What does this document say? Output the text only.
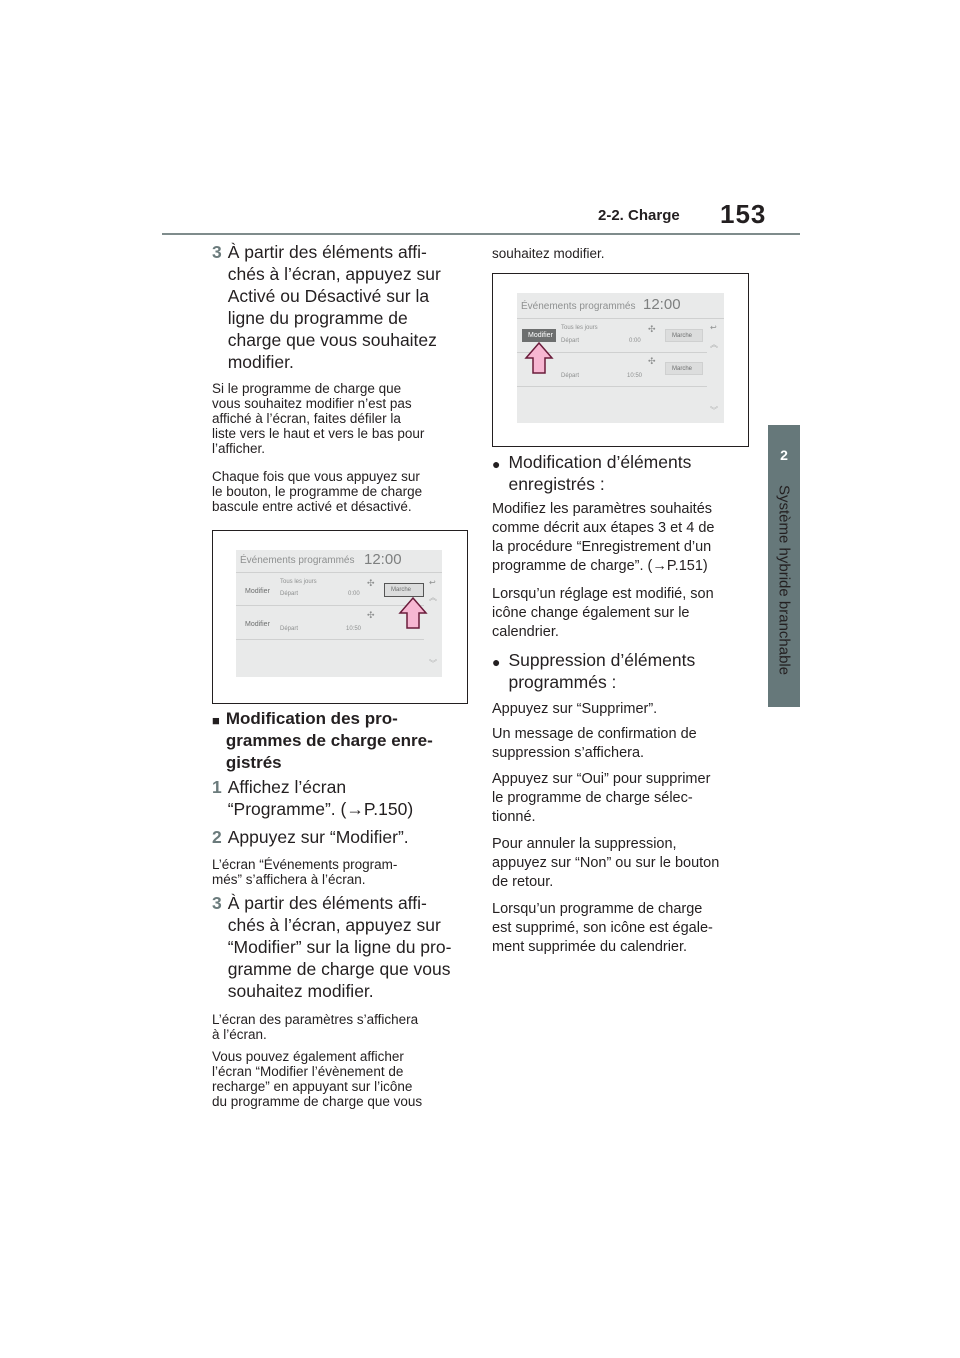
2-2. Charge 153
2
Système hybride branchable
3 À partir des éléments affi-
chés à l’écran, appuyez sur
Activé ou Désactivé sur la
ligne du programme de
charge que vous souhaitez
modifier.
Si le programme de charge que
vous souhaitez modifier n’est pas
affiché à l’écran, faites défiler la
liste vers le haut et vers le bas pour
l’afficher.
Chaque fois que vous appuyez sur
le bouton, le programme de charge
bascule entre activé et désactivé.
Événements programmés 12:00
Modifier
Tous les jours
Départ	0:00
✣
Marche
Modifier
Départ	10:50
✣
↩
︽
︾
■ Modification des pro-
grammes de charge enre-
gistrés
1 Affichez l’écran
“Programme”. (→P.150)
2 Appuyez sur “Modifier”.
L’écran “Événements program-
més” s’affichera à l’écran.
3 À partir des éléments affi-
chés à l’écran, appuyez sur
“Modifier” sur la ligne du pro-
gramme de charge que vous
souhaitez modifier.
L’écran des paramètres s’affichera
à l’écran.
Vous pouvez également afficher
l’écran “Modifier l’évènement de
recharge” en appuyant sur l’icône
du programme de charge que vous
souhaitez modifier.
Événements programmés 12:00
Modifier
Tous les jours
Départ	0:00
✣
Marche
Départ	10:50
✣
Marche
↩
︽
︾
● Modification d’éléments
enregistrés :
Modifiez les paramètres souhaités
comme décrit aux étapes 3 et 4 de
la procédure “Enregistrement d’un
programme de charge”. (→P.151)
Lorsqu’un réglage est modifié, son
icône change également sur le
calendrier.
● Suppression d’éléments
programmés :
Appuyez sur “Supprimer”.
Un message de confirmation de
suppression s’affichera.
Appuyez sur “Oui” pour supprimer
le programme de charge sélec-
tionné.
Pour annuler la suppression,
appuyez sur “Non” ou sur le bouton
de retour.
Lorsqu’un programme de charge
est supprimé, son icône est égale-
ment supprimée du calendrier.
